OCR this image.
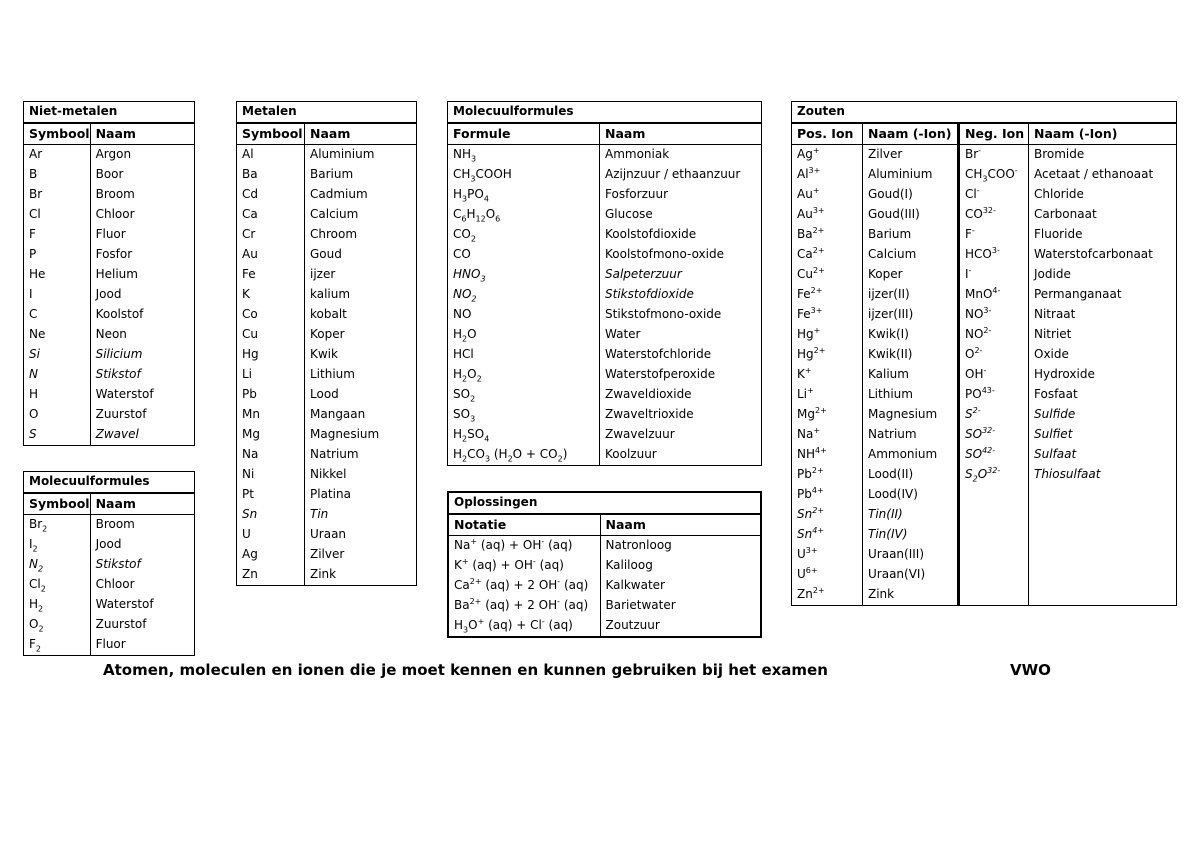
Niet-metalen	
Symbool	Naam
Ar	Argon
B	Boor
Br	Broom
Cl	Chloor
F	Fluor
P	Fosfor
He	Helium
I	Jood
C	Koolstof
Ne	Neon
Si	Silicium
N	Stikstof
H	Waterstof
O	Zuurstof
S	Zwavel
Molecuulformules	
Symbool	Naam
$Br_2$	Broom
$I_2$	Jood
$N_2$	Stikstof
$Cl_2$	Chloor
$H_2$	Waterstof
$O_2$	Zuurstof
$F_2$	Fluor
Metalen	
Symbool	Naam
Al	Aluminium
Ba	Barium
Cd	Cadmium
Ca	Calcium
Cr	Chroom
Au	Goud
Fe	ijzer
K	kalium
Co	kobalt
Cu	Koper
Hg	Kwik
Li	Lithium
Pb	Lood
Mn	Mangaan
Mg	Magnesium
Na	Natrium
Ni	Nikkel
Pt	Platina
Sn	Tin
U	Uraan
Ag	Zilver
Zn	Zink
Molecuulformules	
Formule	Naam
$NH_3$	Ammoniak
$CH_3COOH$	Azijnzuur / ethaanzuur
$H_3PO_4$	Fosforzuur
$C_6H_{12}O_6$	Glucose
$CO_2$	Koolstofdioxide
CO	Koolstofmono-oxide
$HNO_3$	Salpeterzuur
$NO_2$	Stikstofdioxide
NO	Stikstofmono-oxide
$H_2O$	Water
HCl	Waterstofchloride
$H_2O_2$	Waterstofperoxide
$SO_2$	Zwaveldioxide
$SO_3$	Zwaveltrioxide
$H_2SO_4$	Zwavelzuur
$H_2CO_3$ $(H_2O + CO_2)$	Koolzuur
Oplossingen	
Notatie	Naam
Na+ (aq) + OH- (aq)	Natronloog
K+ (aq) + OH- (aq)	Kaliloog
$Ca^{2+}$ (aq) + 2 OH- (aq)	Kalkwater
$Ba^{2+}$ (aq) + 2 OH- (aq)	Barietwater
$H_3O^+$ (aq) + Cl- (aq)	Zoutzuur
Zouten			
Pos. Ion	Naam (-Ion)	Neg. Ion	Naam (-Ion)
Ag+	Zilver	Br-	Bromide
$Al^{3+}$	Aluminium	$CH_3COO^-$	Acetaat / ethanoaat
Au+	Goud(I)	Cl-	Chloride
$Au^{3+}$	Goud(III)	$CO^{32-}$	Carbonaat
$Ba^{2+}$	Barium	F-	Fluoride
$Ca^{2+}$	Calcium	$HCO^{3-}$	Waterstofcarbonaat
$Cu^{2+}$	Koper	I-	Jodide
$Fe^{2+}$	ijzer(II)	MnO$^{4-}$	Permanganaat
$Fe^{3+}$	ijzer(III)	$NO^{3-}$	Nitraat
Hg+	Kwik(I)	$NO^{2-}$	Nitriet
$Hg^{2+}$	Kwik(II)	$O^{2-}$	Oxide
K+	Kalium	OH-	Hydroxide
Li+	Lithium	$PO^{43-}$	Fosfaat
$Mg^{2+}$	Magnesium	$S^{2-}$	Sulfide
Na+	Natrium	$SO^{32-}$	Sulfiet
$NH^{4+}$	Ammonium	$SO^{42-}$	Sulfaat
$Pb^{2+}$	Lood(II)	$S_2O^{32-}$	Thiosulfaat
$Pb^{4+}$	Lood(IV)		
$Sn^{2+}$	Tin(II)		
$Sn^{4+}$	Tin(IV)		
$U^{3+}$	Uraan(III)		
$U^{6+}$	Uraan(VI)		
$Zn^{2+}$	Zink		
Atomen, moleculen en ionen die je moet kennen en kunnen gebruiken bij het examen	VWO
